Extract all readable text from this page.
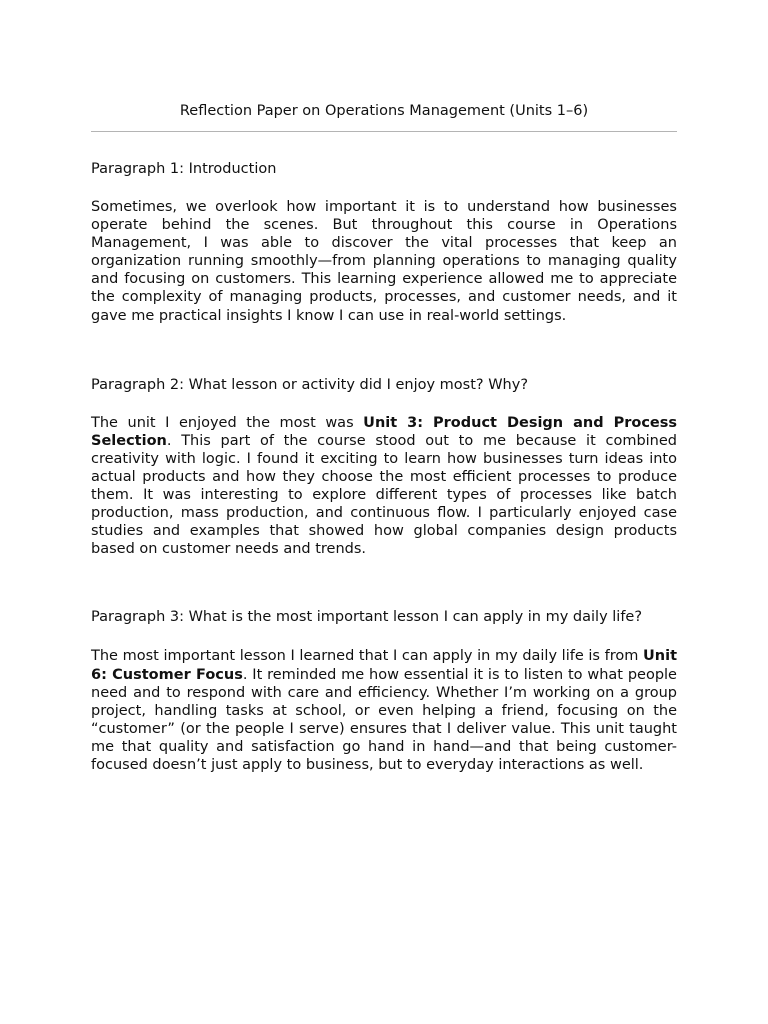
Reflection Paper on Operations Management (Units 1–6)

Paragraph 1: Introduction

Sometimes, we overlook how important it is to understand how businesses operate behind the scenes. But throughout this course in Operations Management, I was able to discover the vital processes that keep an organization running smoothly—from planning operations to managing quality and focusing on customers. This learning experience allowed me to appreciate the complexity of managing products, processes, and customer needs, and it gave me practical insights I know I can use in real-world settings.

Paragraph 2: What lesson or activity did I enjoy most? Why?

The unit I enjoyed the most was Unit 3: Product Design and Process Selection. This part of the course stood out to me because it combined creativity with logic. I found it exciting to learn how businesses turn ideas into actual products and how they choose the most efficient processes to produce them. It was interesting to explore different types of processes like batch production, mass production, and continuous flow. I particularly enjoyed case studies and examples that showed how global companies design products based on customer needs and trends.

Paragraph 3: What is the most important lesson I can apply in my daily life?

The most important lesson I learned that I can apply in my daily life is from Unit 6: Customer Focus. It reminded me how essential it is to listen to what people need and to respond with care and efficiency. Whether I’m working on a group project, handling tasks at school, or even helping a friend, focusing on the “customer” (or the people I serve) ensures that I deliver value. This unit taught me that quality and satisfaction go hand in hand—and that being customer-focused doesn’t just apply to business, but to everyday interactions as well.
